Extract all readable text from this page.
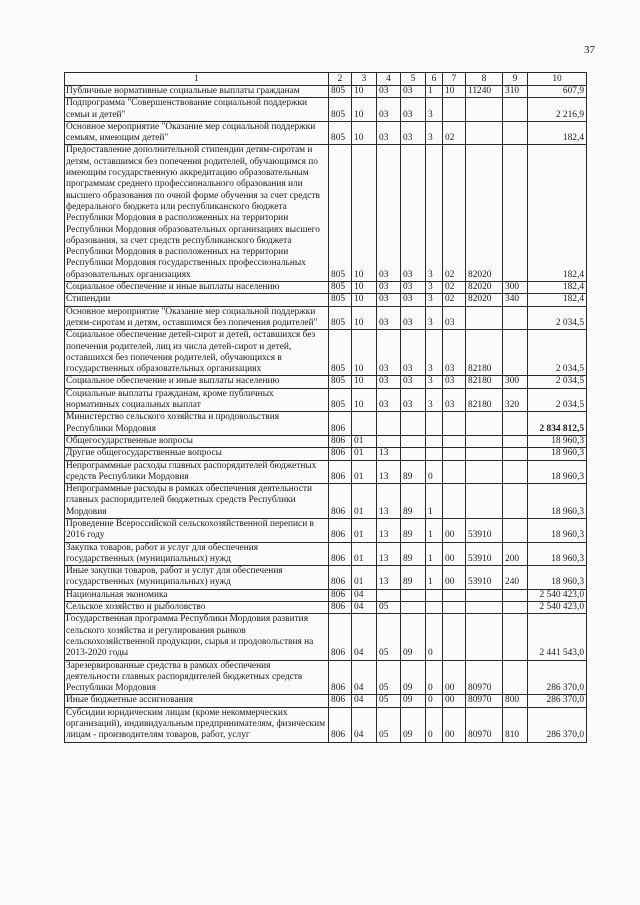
37
1	2	3	4	5	6	7	8	9	10
Публичные нормативные социальные выплаты гражданам	805	10	03	03	1	10	11240	310	607,9
Подпрограмма "Совершенствование социальной поддержки семьи и детей"	805	10	03	03	3				2 216,9
Основное мероприятие "Оказание мер социальной поддержки семьям, имеющим детей"	805	10	03	03	3	02			182,4
Предоставление дополнительной стипендии детям-сиротам и детям, оставшимся без попечения родителей, обучающимся по имеющим государственную аккредитацию образовательным программам среднего профессионального образования или высшего образования по очной форме обучения за счет средств федерального бюджета или республиканского бюджета Республики Мордовия в расположенных на территории Республики Мордовия образовательных организациях высшего образования, за счет средств республиканского бюджета Республики Мордовия в расположенных на территории Республики Мордовия государственных профессиональных образовательных организациях	805	10	03	03	3	02	82020		182,4
Социальное обеспечение и иные выплаты населению	805	10	03	03	3	02	82020	300	182,4
Стипендии	805	10	03	03	3	02	82020	340	182,4
Основное мероприятие "Оказание мер социальной поддержки детям-сиротам и детям, оставшимся без попечения родителей"	805	10	03	03	3	03			2 034,5
Социальное обеспечение детей-сирот и детей, оставшихся без попечения родителей, лиц из числа детей-сирот и детей, оставшихся без попечения родителей, обучающихся в государственных образовательных организациях	805	10	03	03	3	03	82180		2 034,5
Социальное обеспечение и иные выплаты населению	805	10	03	03	3	03	82180	300	2 034,5
Социальные выплаты гражданам, кроме публичных нормативных социальных выплат	805	10	03	03	3	03	82180	320	2 034,5
Министерство сельского хозяйства и продовольствия Республики Мордовия	806								2 834 812,5
Общегосударственные вопросы	806	01							18 960,3
Другие общегосударственные вопросы	806	01	13						18 960,3
Непрограммные расходы главных распорядителей бюджетных средств Республики Мордовия	806	01	13	89	0				18 960,3
Непрограммные расходы в рамках обеспечения деятельности главных распорядителей бюджетных средств Республики Мордовия	806	01	13	89	1				18 960,3
Проведение Всероссийской сельскохозяйственной переписи в 2016 году	806	01	13	89	1	00	53910		18 960,3
Закупка товаров, работ и услуг для обеспечения государственных (муниципальных) нужд	806	01	13	89	1	00	53910	200	18 960,3
Иные закупки товаров, работ и услуг для обеспечения государственных (муниципальных) нужд	806	01	13	89	1	00	53910	240	18 960,3
Национальная экономика	806	04							2 540 423,0
Сельское хозяйство и рыболовство	806	04	05						2 540 423,0
Государственная программа Республики Мордовия развития сельского хозяйства и регулирования рынков сельскохозяйственной продукции, сырья и продовольствия на 2013-2020 годы	806	04	05	09	0				2 441 543,0
Зарезервированные средства в рамках обеспечения деятельности главных распорядителей бюджетных средств Республики Мордовия	806	04	05	09	0	00	80970		286 370,0
Иные бюджетные ассигнования	806	04	05	09	0	00	80970	800	286 370,0
Субсидии юридическим лицам (кроме некоммерческих организаций), индивидуальным предпринимателям, физическим лицам - производителям товаров, работ, услуг	806	04	05	09	0	00	80970	810	286 370,0
